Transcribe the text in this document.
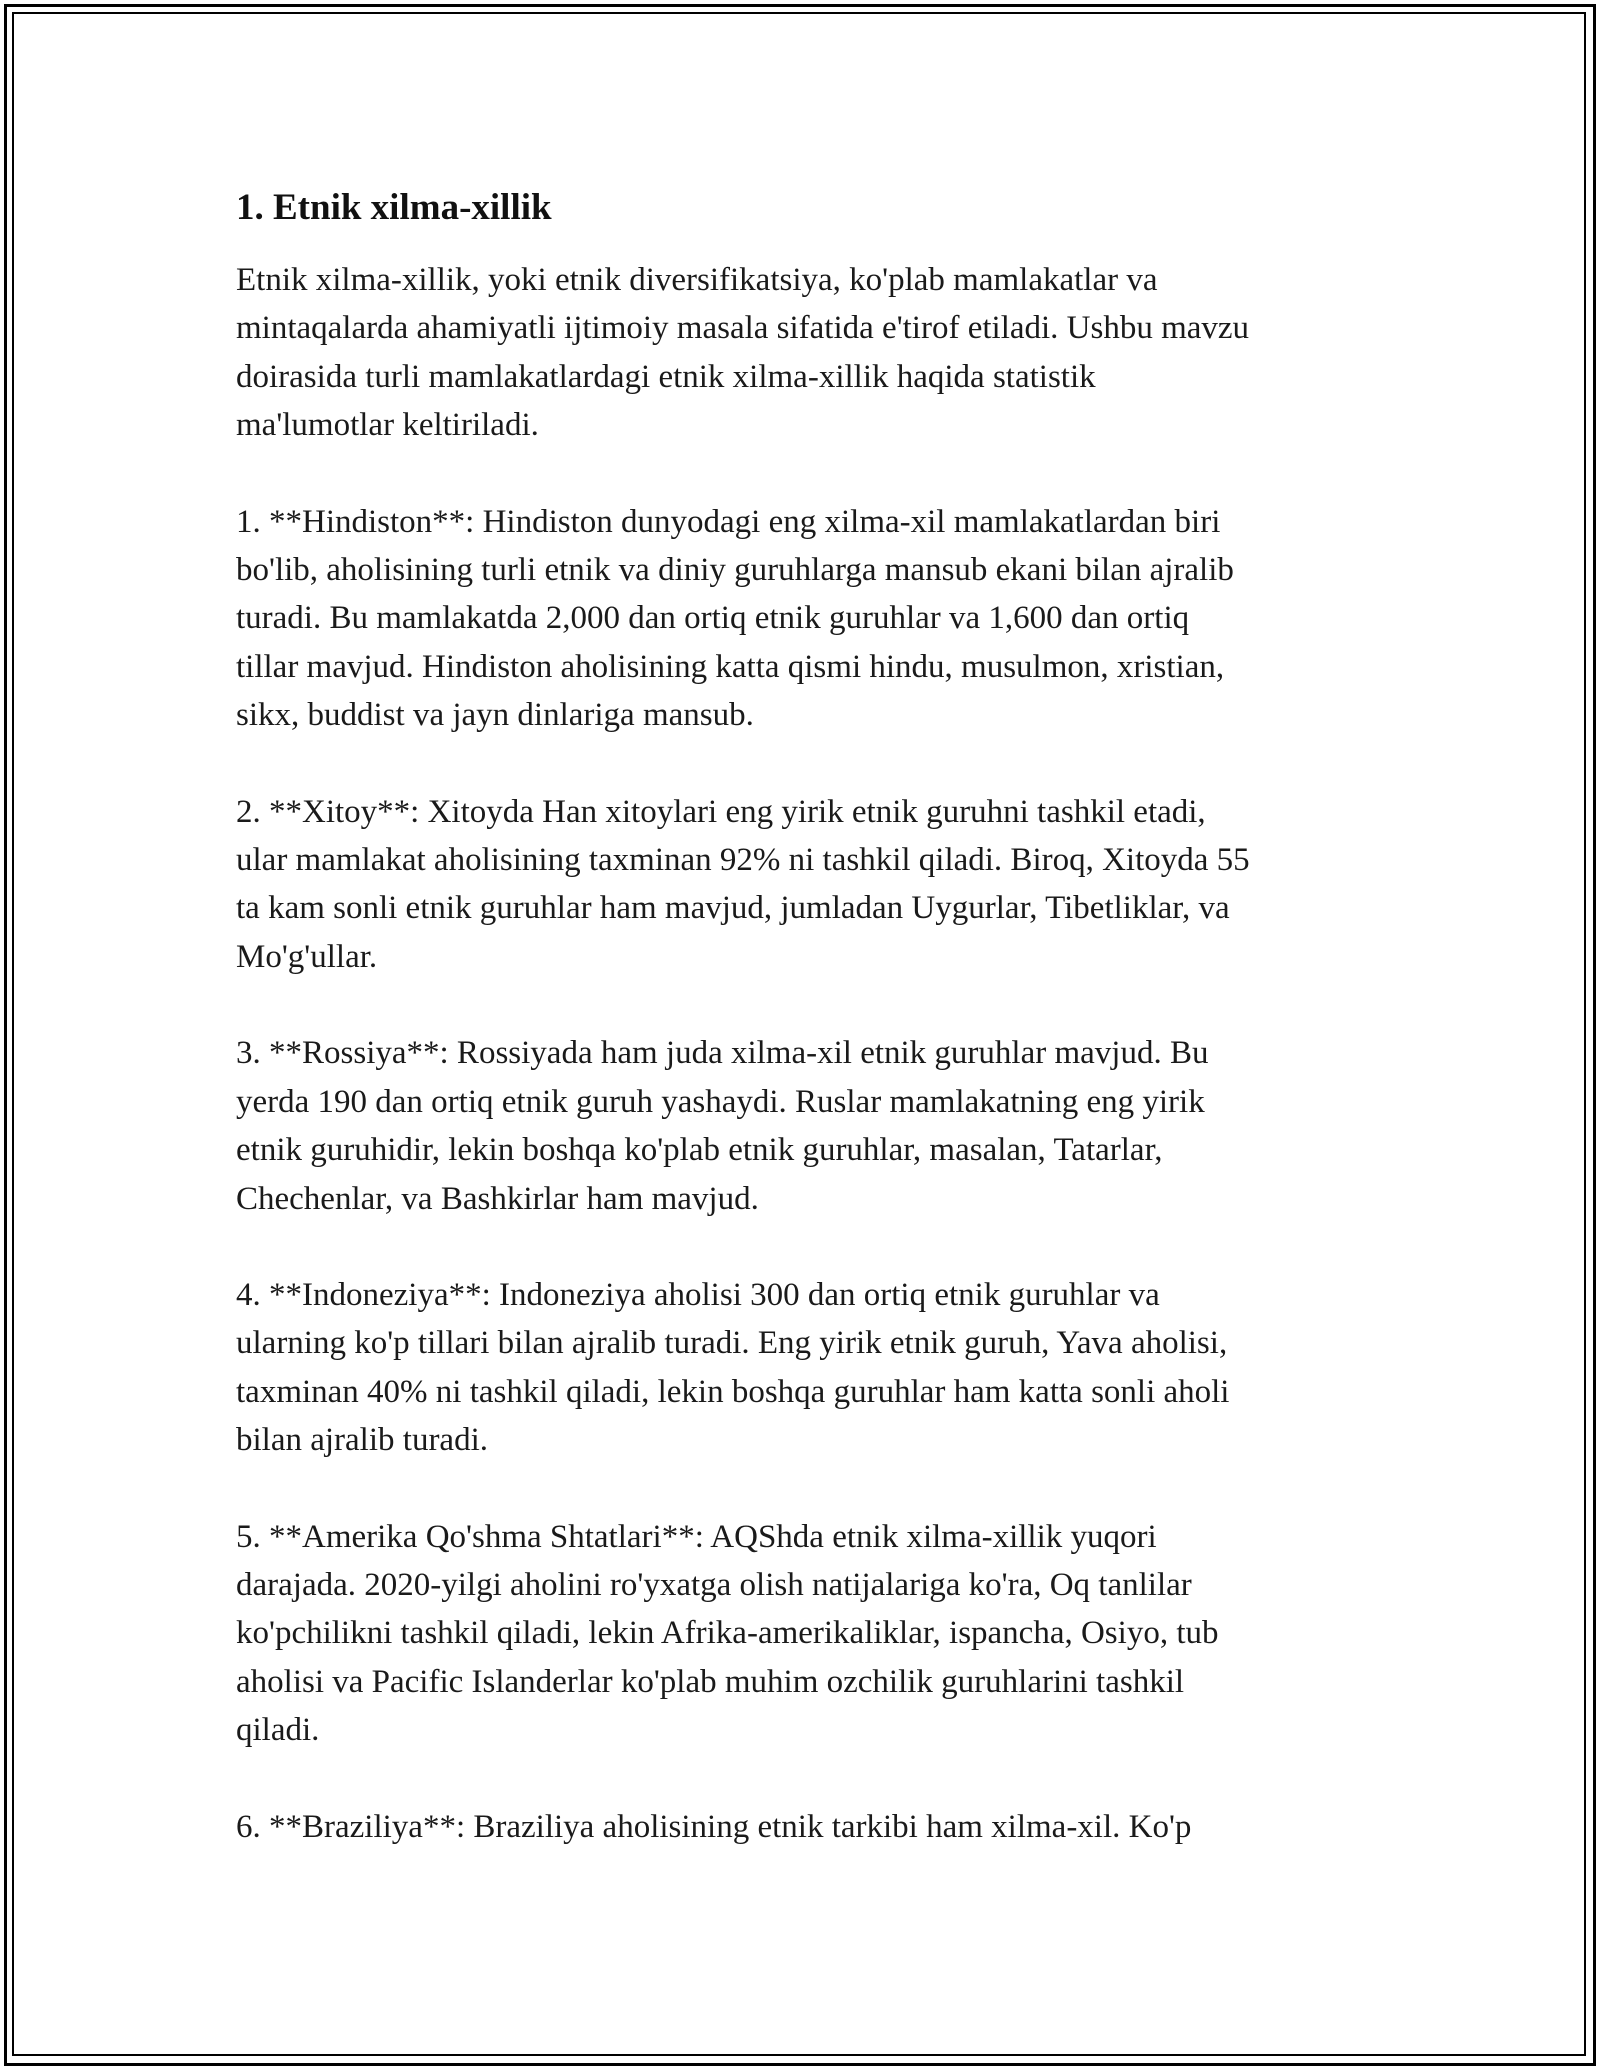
1. Etnik xilma-xillik

Etnik xilma-xillik, yoki etnik diversifikatsiya, ko'plab mamlakatlar va
mintaqalarda ahamiyatli ijtimoiy masala sifatida e'tirof etiladi. Ushbu mavzu
doirasida turli mamlakatlardagi etnik xilma-xillik haqida statistik
ma'lumotlar keltiriladi.

1. **Hindiston**: Hindiston dunyodagi eng xilma-xil mamlakatlardan biri
bo'lib, aholisining turli etnik va diniy guruhlarga mansub ekani bilan ajralib
turadi. Bu mamlakatda 2,000 dan ortiq etnik guruhlar va 1,600 dan ortiq
tillar mavjud. Hindiston aholisining katta qismi hindu, musulmon, xristian,
sikx, buddist va jayn dinlariga mansub.

2. **Xitoy**: Xitoyda Han xitoylari eng yirik etnik guruhni tashkil etadi,
ular mamlakat aholisining taxminan 92% ni tashkil qiladi. Biroq, Xitoyda 55
ta kam sonli etnik guruhlar ham mavjud, jumladan Uygurlar, Tibetliklar, va
Mo'g'ullar.

3. **Rossiya**: Rossiyada ham juda xilma-xil etnik guruhlar mavjud. Bu
yerda 190 dan ortiq etnik guruh yashaydi. Ruslar mamlakatning eng yirik
etnik guruhidir, lekin boshqa ko'plab etnik guruhlar, masalan, Tatarlar,
Chechenlar, va Bashkirlar ham mavjud.

4. **Indoneziya**: Indoneziya aholisi 300 dan ortiq etnik guruhlar va
ularning ko'p tillari bilan ajralib turadi. Eng yirik etnik guruh, Yava aholisi,
taxminan 40% ni tashkil qiladi, lekin boshqa guruhlar ham katta sonli aholi
bilan ajralib turadi.

5. **Amerika Qo'shma Shtatlari**: AQShda etnik xilma-xillik yuqori
darajada. 2020-yilgi aholini ro'yxatga olish natijalariga ko'ra, Oq tanlilar
ko'pchilikni tashkil qiladi, lekin Afrika-amerikaliklar, ispancha, Osiyo, tub
aholisi va Pacific Islanderlar ko'plab muhim ozchilik guruhlarini tashkil
qiladi.

6. **Braziliya**: Braziliya aholisining etnik tarkibi ham xilma-xil. Ko'p
